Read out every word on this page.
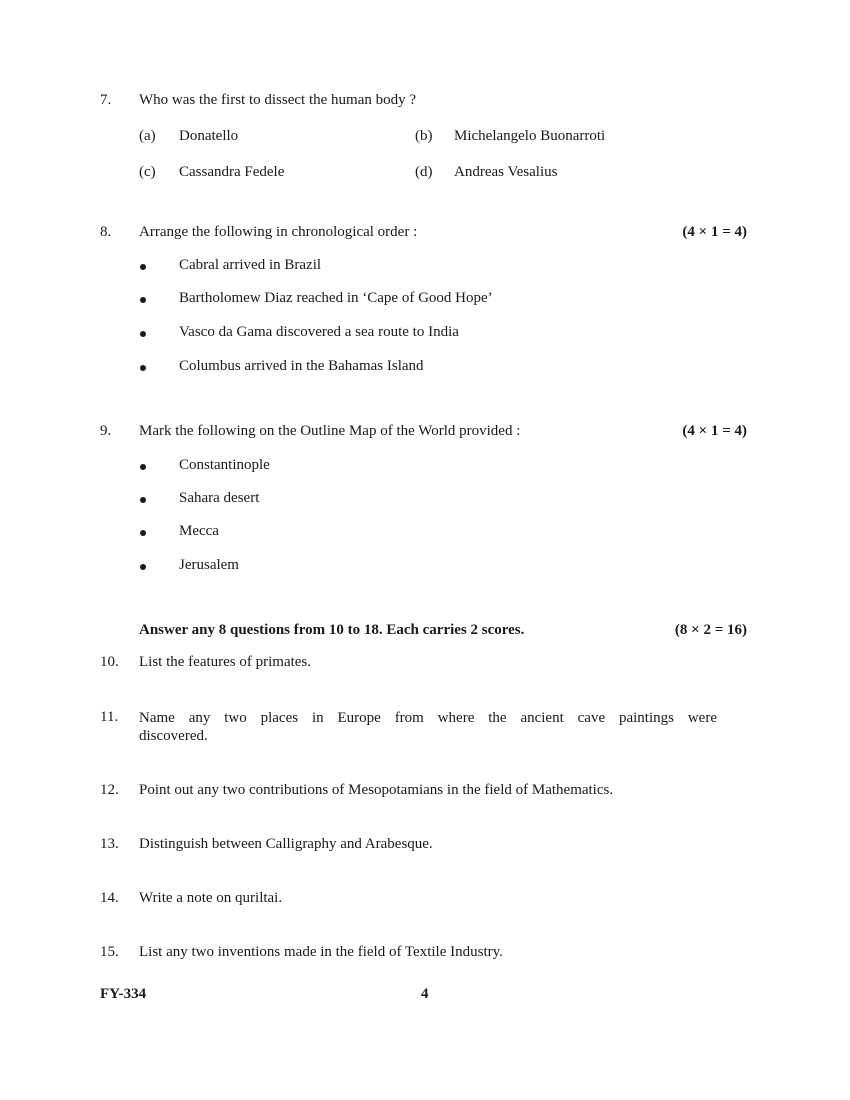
7. Who was the first to dissect the human body ?
(a) Donatello	(b) Michelangelo Buonarroti
(c) Cassandra Fedele	(d) Andreas Vesalius
8. Arrange the following in chronological order :	(4 × 1 = 4)
Cabral arrived in Brazil
Bartholomew Diaz reached in ‘Cape of Good Hope’
Vasco da Gama discovered a sea route to India
Columbus arrived in the Bahamas Island
9. Mark the following on the Outline Map of the World provided :	(4 × 1 = 4)
Constantinople
Sahara desert
Mecca
Jerusalem
Answer any 8 questions from 10 to 18. Each carries 2 scores.	(8 × 2 = 16)
10. List the features of primates.
11. Name any two places in Europe from where the ancient cave paintings were
discovered.
12. Point out any two contributions of Mesopotamians in the field of Mathematics.
13. Distinguish between Calligraphy and Arabesque.
14. Write a note on quriltai.
15. List any two inventions made in the field of Textile Industry.
FY-334	4
